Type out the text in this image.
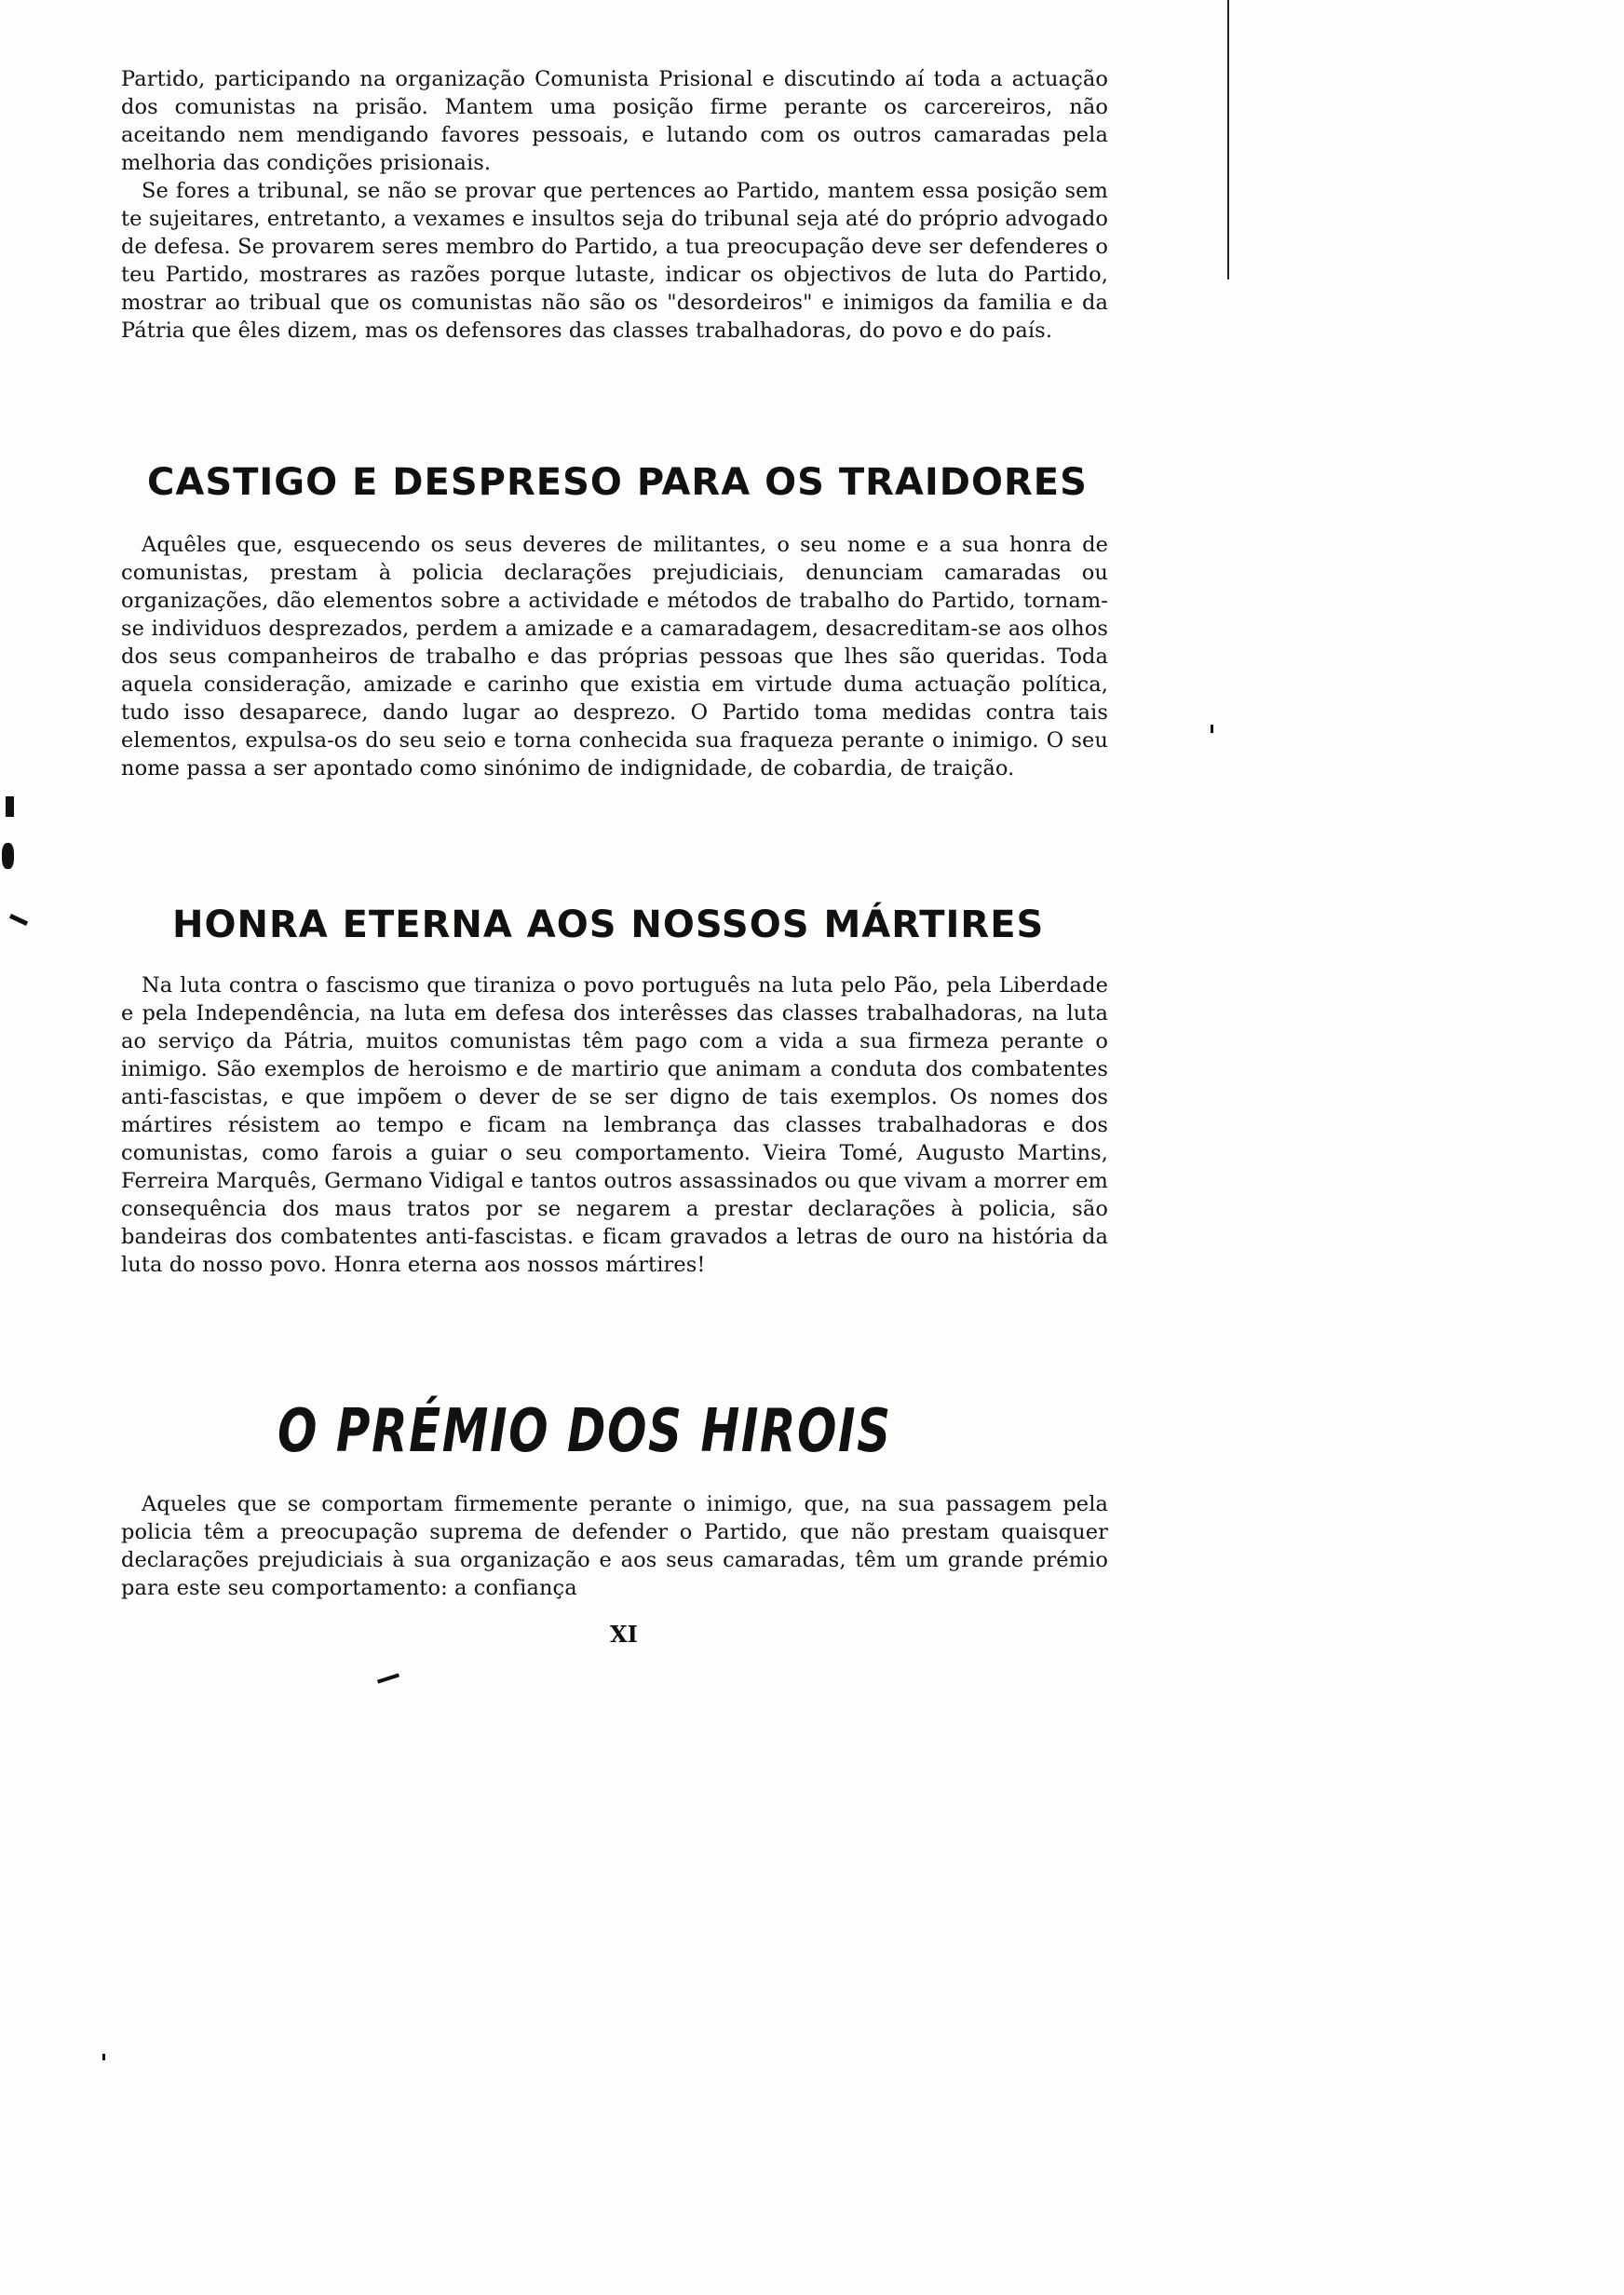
Partido, participando na organização Comunista Prisional e discutindo aí toda a actuação dos comunistas na prisão. Mantem uma posição firme perante os carcereiros, não aceitando nem mendigando favores pessoais, e lutando com os outros camaradas pela melhoria das condições prisionais.

Se fores a tribunal, se não se provar que pertences ao Partido, mantem essa posição sem te sujeitares, entretanto, a vexames e insultos seja do tribunal seja até do próprio advogado de defesa. Se provarem seres membro do Partido, a tua preocupação deve ser defenderes o teu Partido, mostrares as razões porque lutaste, indicar os objectivos de luta do Partido, mostrar ao tribual que os comunistas não são os "desordeiros" e inimigos da familia e da Pátria que êles dizem, mas os defensores das classes trabalhadoras, do povo e do país.

CASTIGO E DESPRESO PARA OS TRAIDORES

Aquêles que, esquecendo os seus deveres de militantes, o seu nome e a sua honra de comunistas, prestam à policia declarações prejudiciais, denunciam camaradas ou organizações, dão elementos sobre a actividade e métodos de trabalho do Partido, tornam-se individuos desprezados, perdem a amizade e a camaradagem, desacreditam-se aos olhos dos seus companheiros de trabalho e das próprias pessoas que lhes são queridas. Toda aquela consideração, amizade e carinho que existia em virtude duma actuação política, tudo isso desaparece, dando lugar ao desprezo. O Partido toma medidas contra tais elementos, expulsa-os do seu seio e torna conhecida sua fraqueza perante o inimigo. O seu nome passa a ser apontado como sinónimo de indignidade, de cobardia, de traição.

HONRA ETERNA AOS NOSSOS MÁRTIRES

Na luta contra o fascismo que tiraniza o povo português na luta pelo Pão, pela Liberdade e pela Independência, na luta em defesa dos interêsses das classes trabalhadoras, na luta ao serviço da Pátria, muitos comunistas têm pago com a vida a sua firmeza perante o inimigo. São exemplos de heroismo e de martirio que animam a conduta dos combatentes anti-fascistas, e que impõem o dever de se ser digno de tais exemplos. Os nomes dos mártires résistem ao tempo e ficam na lembrança das classes trabalhadoras e dos comunistas, como farois a guiar o seu comportamento. Vieira Tomé, Augusto Martins, Ferreira Marquês, Germano Vidigal e tantos outros assassinados ou que vivam a morrer em consequência dos maus tratos por se negarem a prestar declarações à policia, são bandeiras dos combatentes anti-fascistas. e ficam gravados a letras de ouro na história da luta do nosso povo. Honra eterna aos nossos mártires!

O PRÉMIO DOS HIROIS

Aqueles que se comportam firmemente perante o inimigo, que, na sua passagem pela policia têm a preocupação suprema de defender o Partido, que não prestam quaisquer declarações prejudiciais à sua organização e aos seus camaradas, têm um grande prémio para este seu comportamento: a confiança

XI
